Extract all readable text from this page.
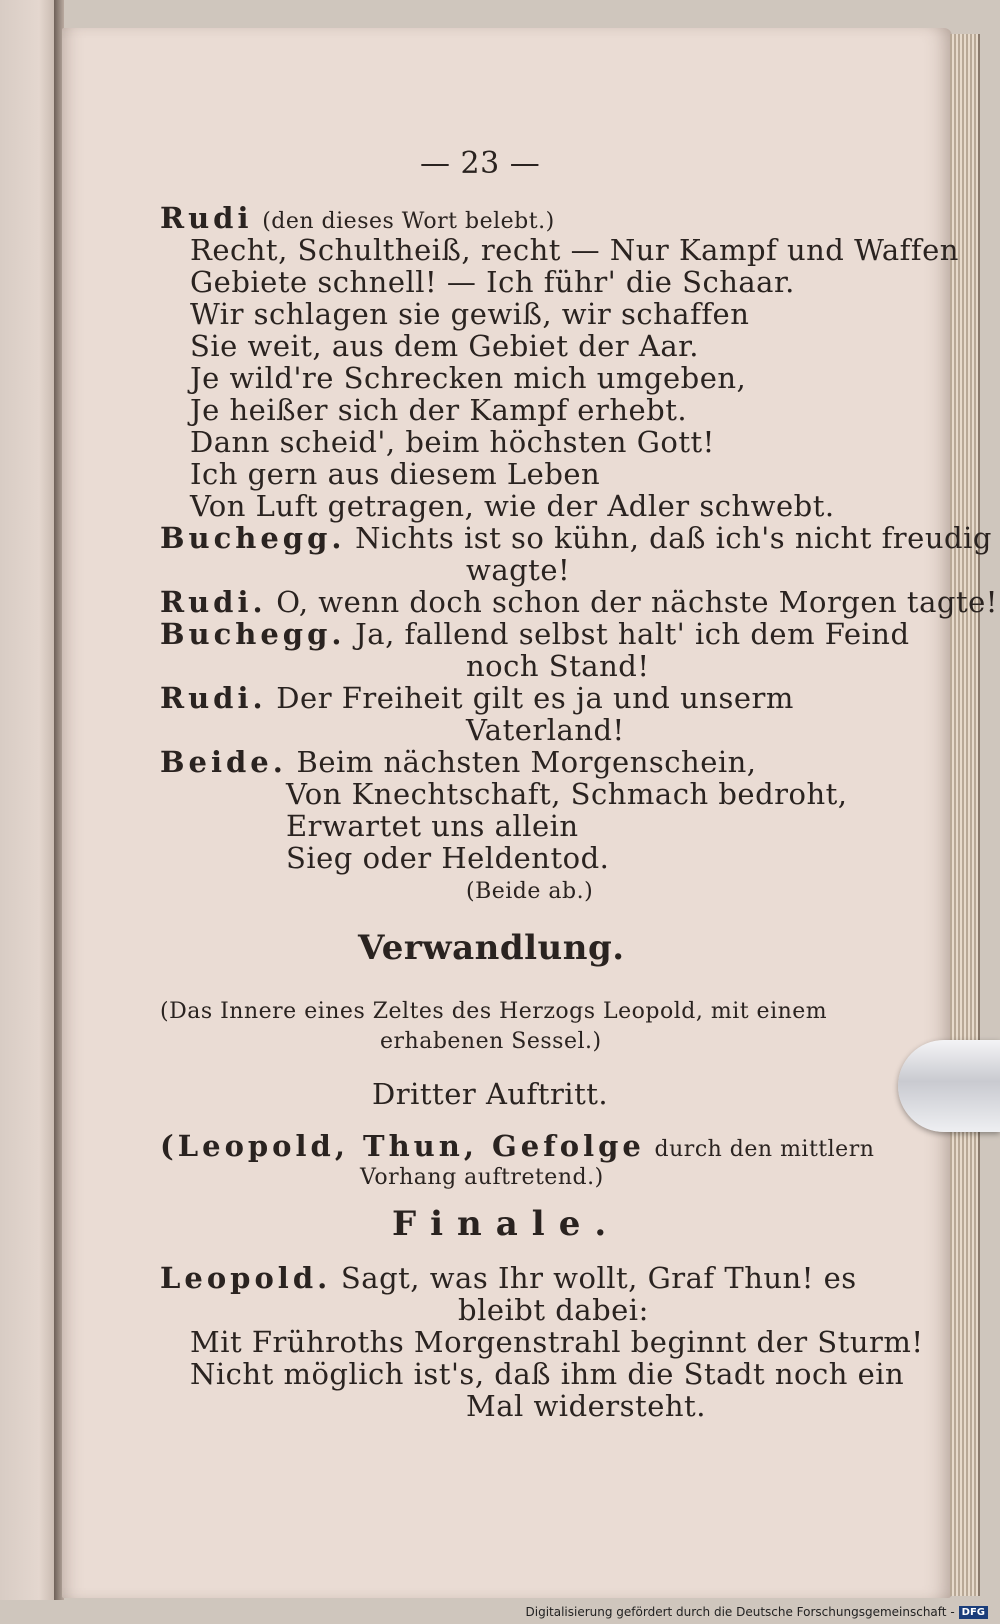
— 23 —
Rudi (den dieses Wort belebt.)
Recht, Schultheiß, recht — Nur Kampf und Waffen
Gebiete schnell! — Ich führ' die Schaar.
Wir schlagen sie gewiß, wir schaffen
Sie weit, aus dem Gebiet der Aar.
Je wild're Schrecken mich umgeben,
Je heißer sich der Kampf erhebt.
Dann scheid', beim höchsten Gott!
Ich gern aus diesem Leben
Von Luft getragen, wie der Adler schwebt.
Buchegg. Nichts ist so kühn, daß ich's nicht freudig
wagte!
Rudi. O, wenn doch schon der nächste Morgen tagte!
Buchegg. Ja, fallend selbst halt' ich dem Feind
noch Stand!
Rudi. Der Freiheit gilt es ja und unserm
Vaterland!
Beide. Beim nächsten Morgenschein,
Von Knechtschaft, Schmach bedroht,
Erwartet uns allein
Sieg oder Heldentod.
(Beide ab.)
Verwandlung.
(Das Innere eines Zeltes des Herzogs Leopold, mit einem
erhabenen Sessel.)
Dritter Auftritt.
(Leopold, Thun, Gefolge durch den mittlern
Vorhang auftretend.)
Finale.
Leopold. Sagt, was Ihr wollt, Graf Thun! es
bleibt dabei:
Mit Frühroths Morgenstrahl beginnt der Sturm!
Nicht möglich ist's, daß ihm die Stadt noch ein
Mal widersteht.
Digitalisierung gefördert durch die Deutsche Forschungsgemeinschaft - DFG
